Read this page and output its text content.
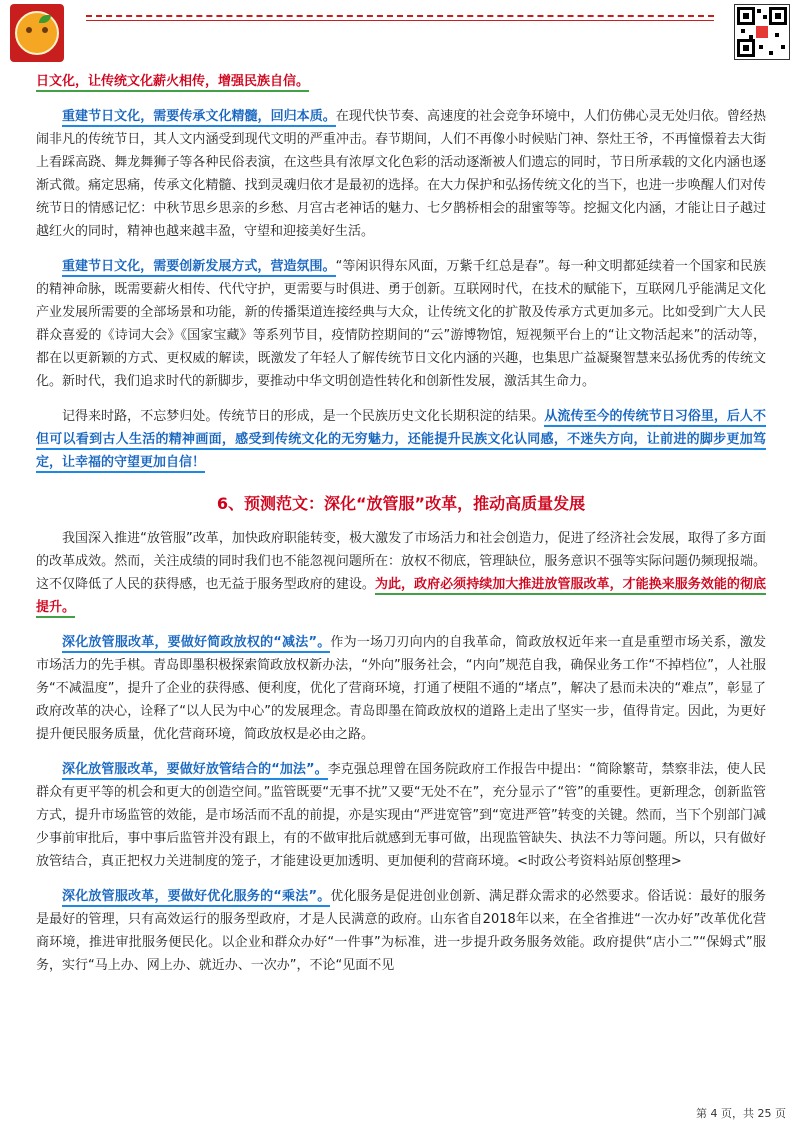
日文化，让传统文化薪火相传，增强民族自信。

重建节日文化，需要传承文化精髓，回归本质。在现代快节奏、高速度的社会竞争环境中，人们仿佛心灵无处归依。曾经热闹非凡的传统节日，其人文内涵受到现代文明的严重冲击。春节期间，人们不再像小时候贴门神、祭灶王爷，不再憧憬着去大街上看踩高跷、舞龙舞狮子等各种民俗表演，在这些具有浓厚文化色彩的活动逐渐被人们遗忘的同时，节日所承载的文化内涵也逐渐式微。痛定思痛，传承文化精髓、找到灵魂归依才是最初的选择。在大力保护和弘扬传统文化的当下，也进一步唤醒人们对传统节日的情感记忆：中秋节思乡思亲的乡愁、月宫古老神话的魅力、七夕鹊桥相会的甜蜜等等。挖掘文化内涵，才能让日子越过越红火的同时，精神也越来越丰盈，守望和迎接美好生活。

重建节日文化，需要创新发展方式，营造氛围。“等闲识得东风面，万紫千红总是春”。每一种文明都延续着一个国家和民族的精神命脉，既需要薪火相传、代代守护，更需要与时俱进、勇于创新。互联网时代，在技术的赋能下，互联网几乎能满足文化产业发展所需要的全部场景和功能，新的传播渠道连接经典与大众，让传统文化的扩散及传承方式更加多元。比如受到广大人民群众喜爱的《诗词大会》《国家宝藏》等系列节目，疫情防控期间的“云”游博物馆，短视频平台上的“让文物活起来”的活动等，都在以更新颖的方式、更权威的解读，既激发了年轻人了解传统节日文化内涵的兴趣，也集思广益凝聚智慧来弘扬优秀的传统文化。新时代，我们追求时代的新脚步，要推动中华文明创造性转化和创新性发展，激活其生命力。

记得来时路，不忘梦归处。传统节日的形成，是一个民族历史文化长期积淀的结果。从流传至今的传统节日习俗里，后人不但可以看到古人生活的精神画面，感受到传统文化的无穷魅力，还能提升民族文化认同感，不迷失方向，让前进的脚步更加笃定，让幸福的守望更加自信！

6、预测范文：深化“放管服”改革，推动高质量发展

我国深入推进“放管服”改革，加快政府职能转变，极大激发了市场活力和社会创造力，促进了经济社会发展，取得了多方面的改革成效。然而，关注成绩的同时我们也不能忽视问题所在：放权不彻底，管理缺位，服务意识不强等实际问题仍频现报端。这不仅降低了人民的获得感，也无益于服务型政府的建设。为此，政府必须持续加大推进放管服改革，才能换来服务效能的彻底提升。

深化放管服改革，要做好简政放权的“减法”。作为一场刀刃向内的自我革命，简政放权近年来一直是重塑市场关系，激发市场活力的先手棋。青岛即墨积极探索简政放权新办法，“外向”服务社会，“内向”规范自我，确保业务工作“不掉档位”，人社服务“不减温度”，提升了企业的获得感、便利度，优化了营商环境，打通了梗阻不通的“堵点”，解决了悬而未决的“难点”，彰显了政府改革的决心，诠释了“以人民为中心”的发展理念。青岛即墨在简政放权的道路上走出了坚实一步，值得肯定。因此，为更好提升便民服务质量，优化营商环境，简政放权是必由之路。

深化放管服改革，要做好放管结合的“加法”。李克强总理曾在国务院政府工作报告中提出：“简除繁苛，禁察非法，使人民群众有更平等的机会和更大的创造空间。”监管既要“无事不扰”又要“无处不在”，充分显示了“管”的重要性。更新理念，创新监管方式，提升市场监管的效能，是市场活而不乱的前提，亦是实现由“严进宽管”到“宽进严管”转变的关键。然而，当下个别部门减少事前审批后，事中事后监管并没有跟上，有的不做审批后就感到无事可做，出现监管缺失、执法不力等问题。所以，只有做好放管结合，真正把权力关进制度的笼子，才能建设更加透明、更加便利的营商环境。<时政公考资料站原创整理>

深化放管服改革，要做好优化服务的“乘法”。优化服务是促进创业创新、满足群众需求的必然要求。俗话说：最好的服务是最好的管理，只有高效运行的服务型政府，才是人民满意的政府。山东省自2018年以来，在全省推进“一次办好”改革优化营商环境，推进审批服务便民化。以企业和群众办好“一件事”为标准，进一步提升政务服务效能。政府提供“店小二”“保姆式”服务，实行“马上办、网上办、就近办、一次办”，不论“见面不见

第 4 页，共 25 页
